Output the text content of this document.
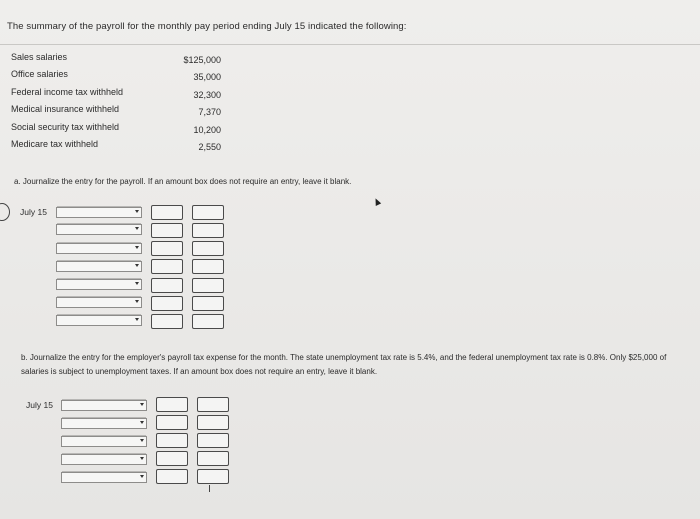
The summary of the payroll for the monthly pay period ending July 15 indicated the following:
Sales salaries	$125,000
Office salaries	35,000
Federal income tax withheld	32,300
Medical insurance withheld	7,370
Social security tax withheld	10,200
Medicare tax withheld	2,550
a. Journalize the entry for the payroll. If an amount box does not require an entry, leave it blank.
July 15
b. Journalize the entry for the employer's payroll tax expense for the month. The state unemployment tax rate is 5.4%, and the federal unemployment tax rate is 0.8%. Only $25,000 of salaries is subject to unemployment taxes. If an amount box does not require an entry, leave it blank.
July 15
